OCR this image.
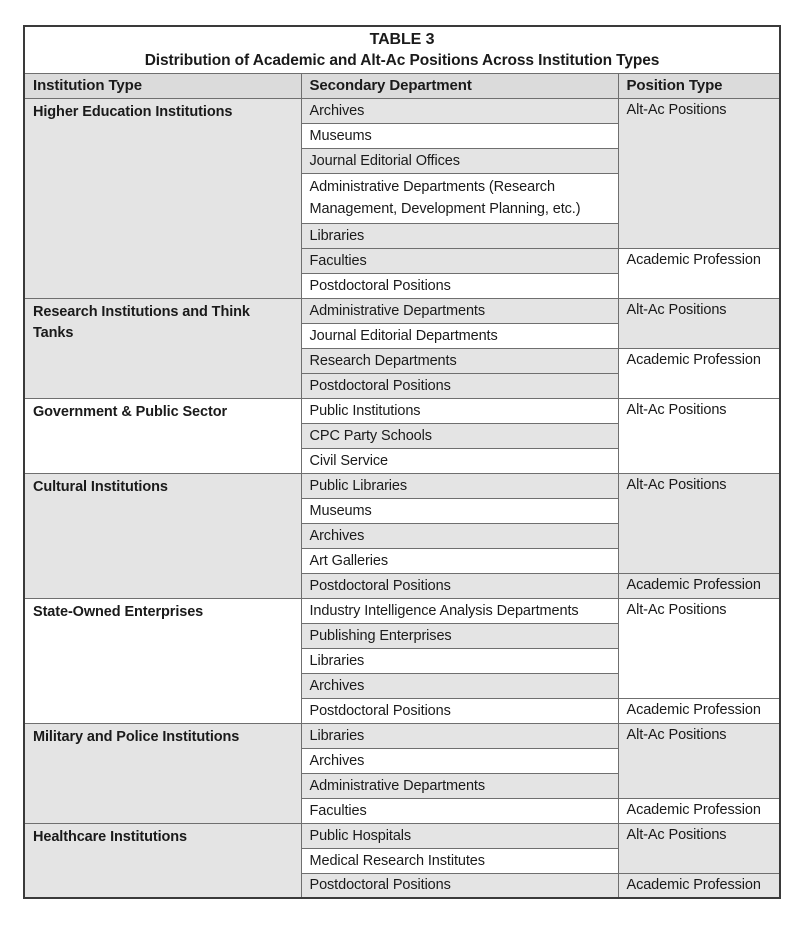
TABLE 3
Distribution of Academic and Alt-Ac Positions Across Institution Types		

Institution Type	Secondary Department	Position Type
Higher Education Institutions	Archives	Alt-Ac Positions
	Museums	
	Journal Editorial Offices	
	Administrative Departments (Research Management, Development Planning, etc.)	
	Libraries	
	Faculties	Academic Profession
	Postdoctoral Positions	
Research Institutions and Think Tanks	Administrative Departments	Alt-Ac Positions
	Journal Editorial Departments	
	Research Departments	Academic Profession
	Postdoctoral Positions	
Government & Public Sector	Public Institutions	Alt-Ac Positions
	CPC Party Schools	
	Civil Service	
Cultural Institutions	Public Libraries	Alt-Ac Positions
	Museums	
	Archives	
	Art Galleries	
	Postdoctoral Positions	Academic Profession
State-Owned Enterprises	Industry Intelligence Analysis Departments	Alt-Ac Positions
	Publishing Enterprises	
	Libraries	
	Archives	
	Postdoctoral Positions	Academic Profession
Military and Police Institutions	Libraries	Alt-Ac Positions
	Archives	
	Administrative Departments	
	Faculties	Academic Profession
Healthcare Institutions	Public Hospitals	Alt-Ac Positions
	Medical Research Institutes	
	Postdoctoral Positions	Academic Profession
